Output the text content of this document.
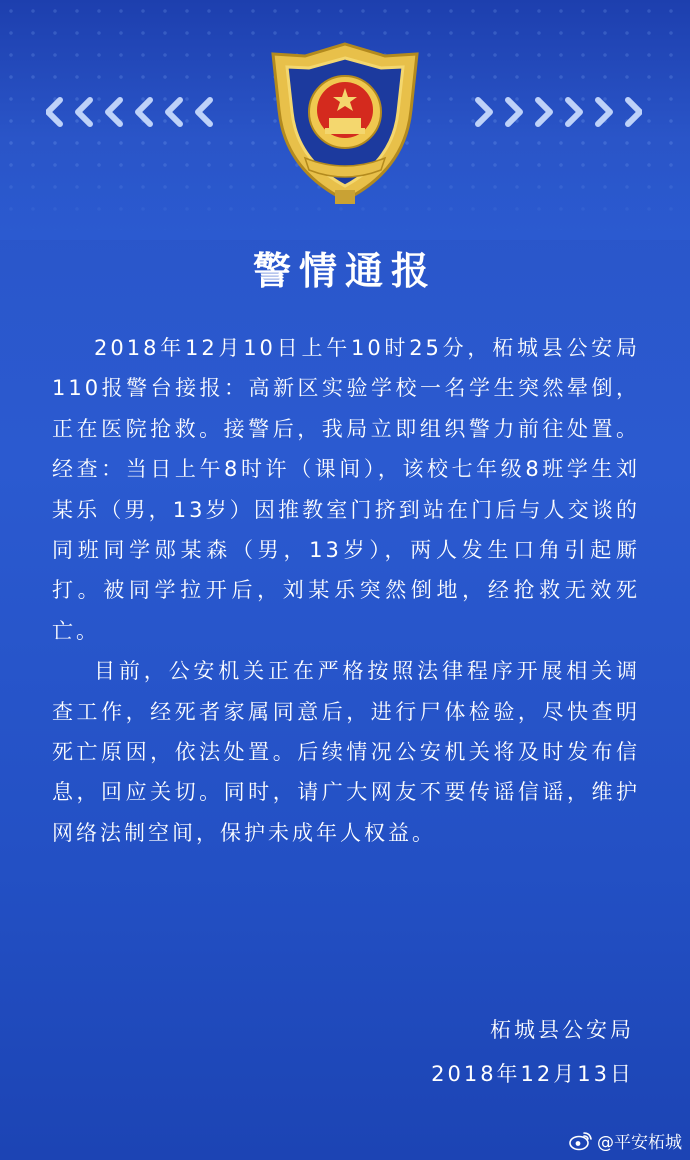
警情通报

2018年12月10日上午10时25分，柘城县公安局110报警台接报：高新区实验学校一名学生突然晕倒，正在医院抢救。接警后，我局立即组织警力前往处置。经查：当日上午8时许（课间），该校七年级8班学生刘某乐（男，13岁）因推教室门挤到站在门后与人交谈的同班同学郧某森（男，13岁），两人发生口角引起厮打。被同学拉开后，刘某乐突然倒地，经抢救无效死亡。

目前，公安机关正在严格按照法律程序开展相关调查工作，经死者家属同意后，进行尸体检验，尽快查明死亡原因，依法处置。后续情况公安机关将及时发布信息，回应关切。同时，请广大网友不要传谣信谣，维护网络法制空间，保护未成年人权益。

柘城县公安局
2018年12月13日
@平安柘城
